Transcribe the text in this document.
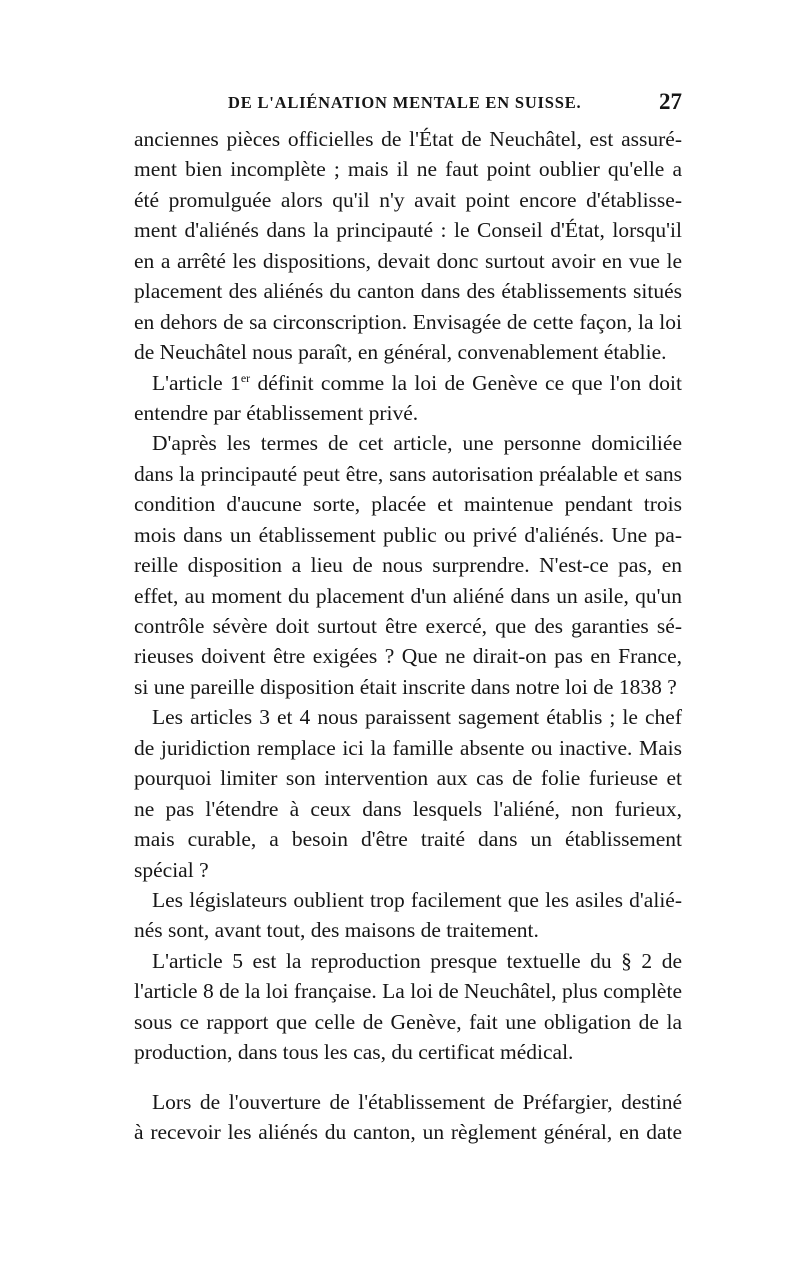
DE L'ALIÉNATION MENTALE EN SUISSE.	27
anciennes pièces officielles de l'État de Neuchâtel, est assuré-
ment bien incomplète ; mais il ne faut point oublier qu'elle a
été promulguée alors qu'il n'y avait point encore d'établisse-
ment d'aliénés dans la principauté : le Conseil d'État, lorsqu'il
en a arrêté les dispositions, devait donc surtout avoir en vue le
placement des aliénés du canton dans des établissements situés
en dehors de sa circonscription. Envisagée de cette façon, la loi
de Neuchâtel nous paraît, en général, convenablement établie.
L'article 1er définit comme la loi de Genève ce que l'on doit
entendre par établissement privé.
D'après les termes de cet article, une personne domiciliée
dans la principauté peut être, sans autorisation préalable et sans
condition d'aucune sorte, placée et maintenue pendant trois
mois dans un établissement public ou privé d'aliénés. Une pa-
reille disposition a lieu de nous surprendre. N'est-ce pas, en
effet, au moment du placement d'un aliéné dans un asile, qu'un
contrôle sévère doit surtout être exercé, que des garanties sé-
rieuses doivent être exigées ? Que ne dirait-on pas en France,
si une pareille disposition était inscrite dans notre loi de 1838 ?
Les articles 3 et 4 nous paraissent sagement établis ; le chef
de juridiction remplace ici la famille absente ou inactive. Mais
pourquoi limiter son intervention aux cas de folie furieuse et
ne pas l'étendre à ceux dans lesquels l'aliéné, non furieux,
mais curable, a besoin d'être traité dans un établissement
spécial ?
Les législateurs oublient trop facilement que les asiles d'alié-
nés sont, avant tout, des maisons de traitement.
L'article 5 est la reproduction presque textuelle du § 2 de
l'article 8 de la loi française. La loi de Neuchâtel, plus complète
sous ce rapport que celle de Genève, fait une obligation de la
production, dans tous les cas, du certificat médical.
Lors de l'ouverture de l'établissement de Préfargier, destiné
à recevoir les aliénés du canton, un règlement général, en date
